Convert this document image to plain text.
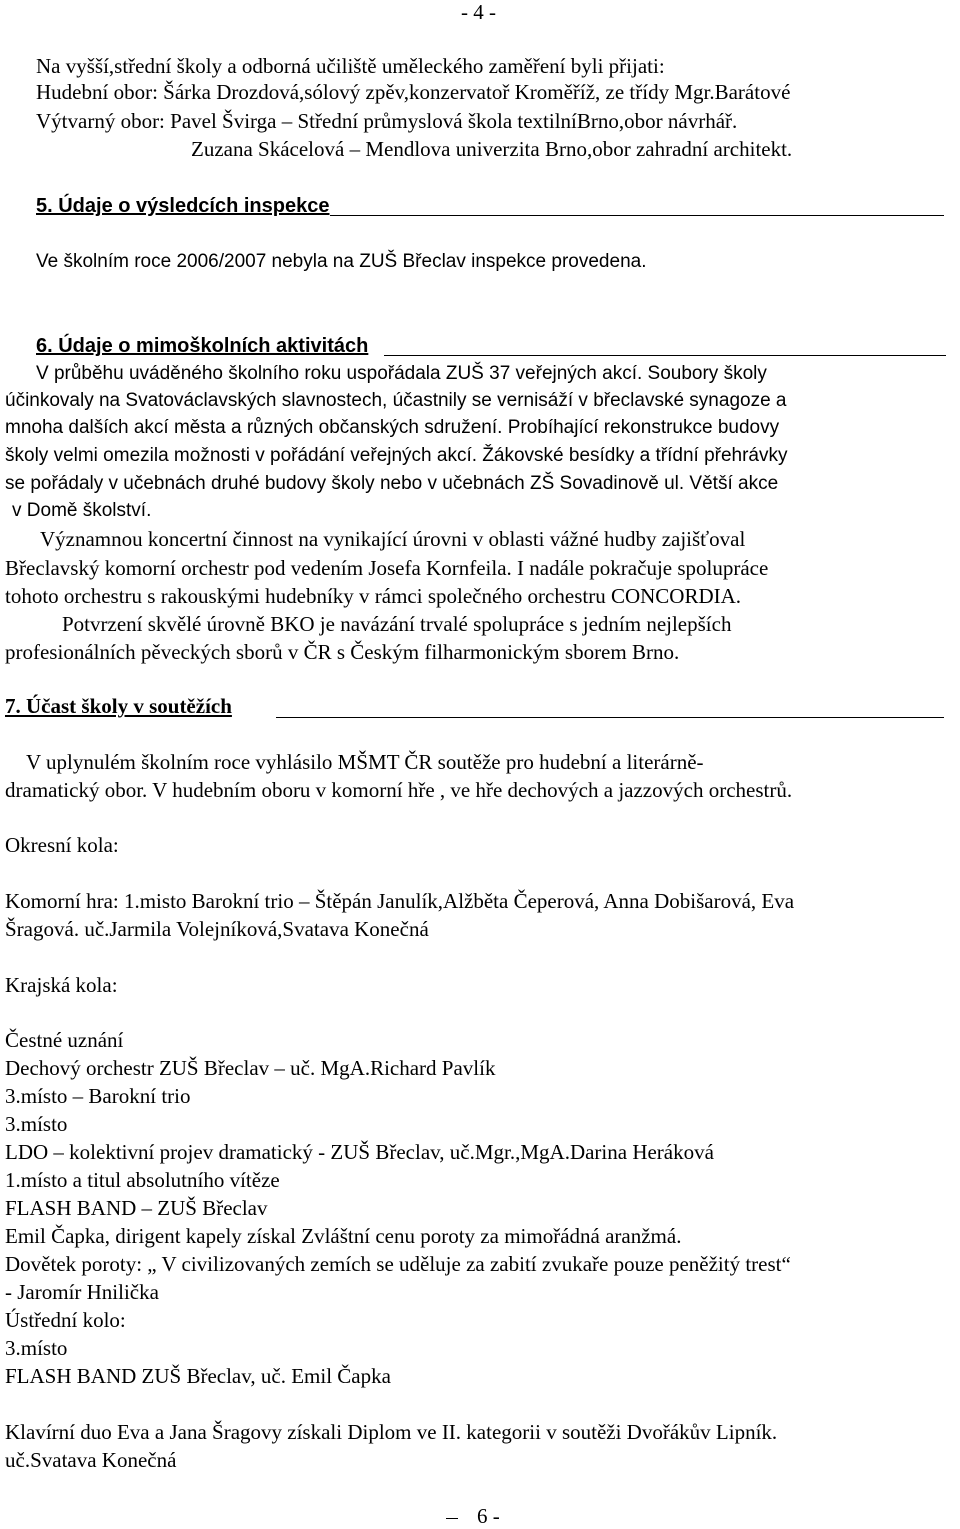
- 4 -
Na vyšší,střední školy a odborná učiliště uměleckého zaměření byli přijati:
Hudební obor: Šárka Drozdová,sólový zpěv,konzervatoř Kroměříž, ze třídy Mgr.Barátové
Výtvarný obor: Pavel Švirga – Střední průmyslová škola textilníBrno,obor návrhář.
Zuzana Skácelová – Mendlova univerzita Brno,obor zahradní architekt.
5. Údaje o výsledcích inspekce
Ve školním roce 2006/2007 nebyla na ZUŠ Břeclav inspekce provedena.
6. Údaje o mimoškolních aktivitách
V průběhu uváděného školního roku uspořádala ZUŠ 37 veřejných akcí. Soubory školy
účinkovaly na Svatováclavských slavnostech, účastnily se vernisáží v břeclavské synagoze a
mnoha dalších akcí města a různých občanských sdružení. Probíhající rekonstrukce budovy
školy velmi omezila možnosti v pořádání veřejných akcí. Žákovské besídky a třídní přehrávky
se pořádaly v učebnách druhé budovy školy nebo v učebnách ZŠ Sovadinově ul. Větší akce
v Domě školství.
Významnou koncertní činnost na vynikající úrovni v oblasti vážné hudby zajišťoval
Břeclavský komorní orchestr pod vedením Josefa Kornfeila. I nadále pokračuje spolupráce
tohoto orchestru s rakouskými hudebníky v rámci společného orchestru CONCORDIA.
Potvrzení skvělé úrovně BKO je navázání trvalé spolupráce s jedním nejlepších
profesionálních pěveckých sborů v ČR s Českým filharmonickým sborem Brno.
7. Účast školy v soutěžích
V uplynulém školním roce vyhlásilo MŠMT ČR soutěže pro hudební a literárně-
dramatický obor. V hudebním oboru v komorní hře , ve hře dechových a jazzových orchestrů.
Okresní kola:
Komorní hra: 1.misto Barokní trio – Štěpán Janulík,Alžběta Čeperová, Anna Dobišarová, Eva
Šragová. uč.Jarmila Volejníková,Svatava Konečná
Krajská kola:
Čestné uznání
Dechový orchestr ZUŠ Břeclav – uč. MgA.Richard Pavlík
3.místo – Barokní trio
3.místo
LDO – kolektivní projev dramatický - ZUŠ Břeclav, uč.Mgr.,MgA.Darina Heráková
1.místo a titul absolutního vítěze
FLASH BAND – ZUŠ Břeclav
Emil Čapka, dirigent kapely získal Zvláštní cenu poroty za mimořádná aranžmá.
Dovětek poroty: „ V civilizovaných zemích se uděluje za zabití zvukaře pouze peněžitý trest“
- Jaromír Hnilička
Ústřední kolo:
3.místo
FLASH BAND ZUŠ Břeclav, uč. Emil Čapka
Klavírní duo Eva a Jana Šragovy získali Diplom ve II. kategorii v soutěži Dvořákův Lipník.
uč.Svatava Konečná
6 -
